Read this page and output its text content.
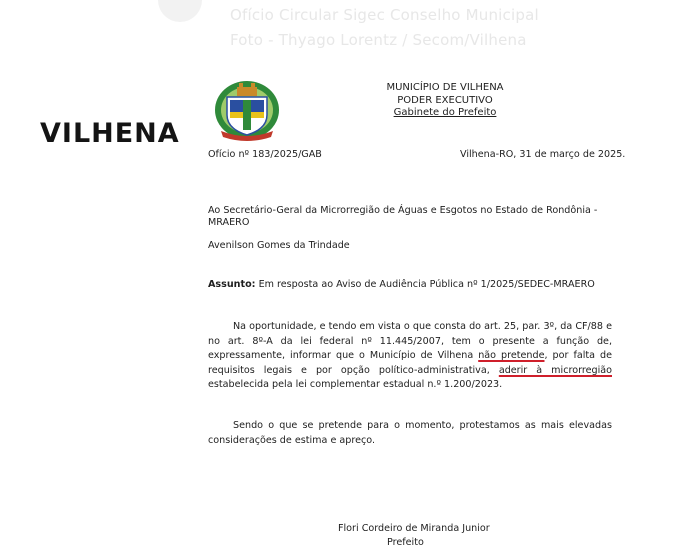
Ofício Circular Sigec Conselho Municipal
Foto - Thyago Lorentz / Secom/Vilhena
VILHENA
MUNICÍPIO DE VILHENA
PODER EXECUTIVO
Gabinete do Prefeito
Ofício nº 183/2025/GAB	Vilhena-RO, 31 de março de 2025.
Ao Secretário-Geral da Microrregião de Águas e Esgotos no Estado de Rondônia -
MRAERO
Avenilson Gomes da Trindade
Assunto: Em resposta ao Aviso de Audiência Pública nº 1/2025/SEDEC-MRAERO
Na oportunidade, e tendo em vista o que consta do art. 25, par. 3º, da CF/88 e no art. 8º-A da lei federal nº 11.445/2007, tem o presente a função de, expressamente, informar que o Município de Vilhena não pretende, por falta de requisitos legais e por opção político-administrativa, aderir à microrregião estabelecida pela lei complementar estadual n.º 1.200/2023.
Sendo o que se pretende para o momento, protestamos as mais elevadas considerações de estima e apreço.
Flori Cordeiro de Miranda Junior
Prefeito
